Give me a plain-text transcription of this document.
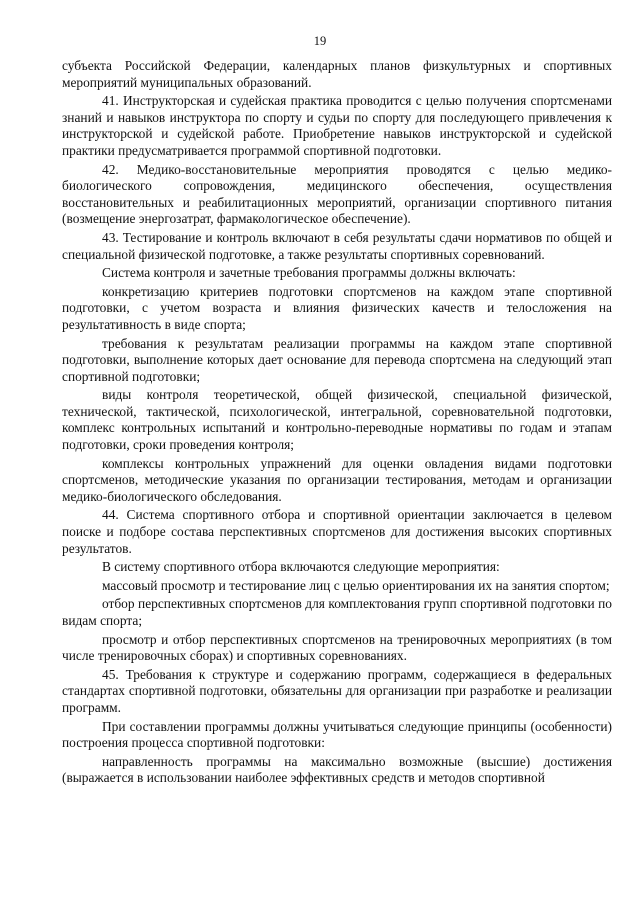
19

субъекта Российской Федерации, календарных планов физкультурных и спортивных мероприятий муниципальных образований.

41. Инструкторская и судейская практика проводится с целью получения спортсменами знаний и навыков инструктора по спорту и судьи по спорту для последующего привлечения к инструкторской и судейской работе. Приобретение навыков инструкторской и судейской практики предусматривается программой спортивной подготовки.

42. Медико-восстановительные мероприятия проводятся с целью медико-биологического сопровождения, медицинского обеспечения, осуществления восстановительных и реабилитационных мероприятий, организации спортивного питания (возмещение энергозатрат, фармакологическое обеспечение).

43. Тестирование и контроль включают в себя результаты сдачи нормативов по общей и специальной физической подготовке, а также результаты спортивных соревнований.

Система контроля и зачетные требования программы должны включать:

конкретизацию критериев подготовки спортсменов на каждом этапе спортивной подготовки, с учетом возраста и влияния физических качеств и телосложения на результативность в виде спорта;

требования к результатам реализации программы на каждом этапе спортивной подготовки, выполнение которых дает основание для перевода спортсмена на следующий этап спортивной подготовки;

виды контроля теоретической, общей физической, специальной физической, технической, тактической, психологической, интегральной, соревновательной подготовки, комплекс контрольных испытаний и контрольно-переводные нормативы по годам и этапам подготовки, сроки проведения контроля;

комплексы контрольных упражнений для оценки овладения видами подготовки спортсменов, методические указания по организации тестирования, методам и организации медико-биологического обследования.

44. Система спортивного отбора и спортивной ориентации заключается в целевом поиске и подборе состава перспективных спортсменов для достижения высоких спортивных результатов.

В систему спортивного отбора включаются следующие мероприятия:

массовый просмотр и тестирование лиц с целью ориентирования их на занятия спортом;

отбор перспективных спортсменов для комплектования групп спортивной подготовки по видам спорта;

просмотр и отбор перспективных спортсменов на тренировочных мероприятиях (в том числе тренировочных сборах) и спортивных соревнованиях.

45. Требования к структуре и содержанию программ, содержащиеся в федеральных стандартах спортивной подготовки, обязательны для организации при разработке и реализации программ.

При составлении программы должны учитываться следующие принципы (особенности) построения процесса спортивной подготовки:

направленность программы на максимально возможные (высшие) достижения (выражается в использовании наиболее эффективных средств и методов спортивной
